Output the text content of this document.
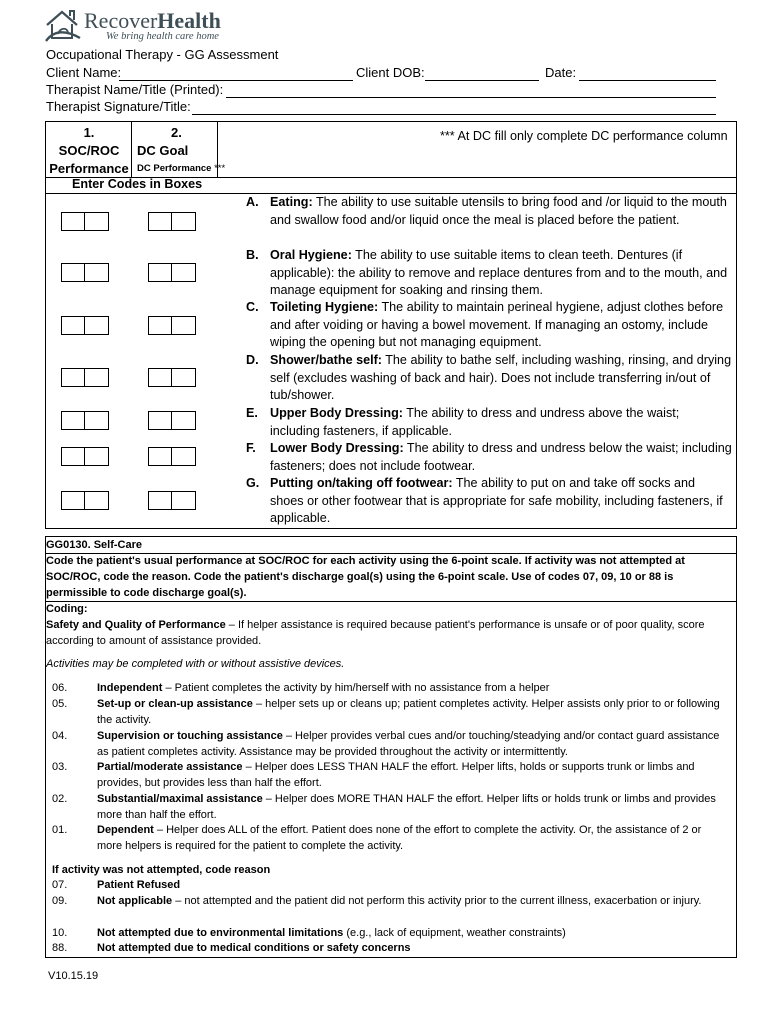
RecoverHealth
We bring health care home
Occupational Therapy - GG Assessment
Client Name:	Client DOB:	Date:
Therapist Name/Title (Printed):
Therapist Signature/Title:
1.
SOC/ROC
Performance
2.
DC Goal
DC Performance ***
*** At DC fill only complete DC performance column
Enter Codes in Boxes
A. Eating: The ability to use suitable utensils to bring food and /or liquid to the mouth and swallow food and/or liquid once the meal is placed before the patient.
B. Oral Hygiene: The ability to use suitable items to clean teeth. Dentures (if applicable): the ability to remove and replace dentures from and to the mouth, and manage equipment for soaking and rinsing them.
C. Toileting Hygiene: The ability to maintain perineal hygiene, adjust clothes before and after voiding or having a bowel movement. If managing an ostomy, include wiping the opening but not managing equipment.
D. Shower/bathe self: The ability to bathe self, including washing, rinsing, and drying self (excludes washing of back and hair). Does not include transferring in/out of tub/shower.
E. Upper Body Dressing: The ability to dress and undress above the waist; including fasteners, if applicable.
F. Lower Body Dressing: The ability to dress and undress below the waist; including fasteners; does not include footwear.
G. Putting on/taking off footwear: The ability to put on and take off socks and shoes or other footwear that is appropriate for safe mobility, including fasteners, if applicable.
GG0130. Self-Care
Code the patient's usual performance at SOC/ROC for each activity using the 6-point scale. If activity was not attempted at SOC/ROC, code the reason. Code the patient's discharge goal(s) using the 6-point scale. Use of codes 07, 09, 10 or 88 is permissible to code discharge goal(s).
Coding:
Safety and Quality of Performance – If helper assistance is required because patient's performance is unsafe or of poor quality, score according to amount of assistance provided.
Activities may be completed with or without assistive devices.
06.	Independent – Patient completes the activity by him/herself with no assistance from a helper
05.	Set-up or clean-up assistance – helper sets up or cleans up; patient completes activity. Helper assists only prior to or following the activity.
04.	Supervision or touching assistance – Helper provides verbal cues and/or touching/steadying and/or contact guard assistance as patient completes activity. Assistance may be provided throughout the activity or intermittently.
03.	Partial/moderate assistance – Helper does LESS THAN HALF the effort. Helper lifts, holds or supports trunk or limbs and provides, but provides less than half the effort.
02.	Substantial/maximal assistance – Helper does MORE THAN HALF the effort. Helper lifts or holds trunk or limbs and provides more than half the effort.
01.	Dependent – Helper does ALL of the effort. Patient does none of the effort to complete the activity. Or, the assistance of 2 or more helpers is required for the patient to complete the activity.
If activity was not attempted, code reason
07.	Patient Refused
09.	Not applicable – not attempted and the patient did not perform this activity prior to the current illness, exacerbation or injury.
10.	Not attempted due to environmental limitations (e.g., lack of equipment, weather constraints)
88.	Not attempted due to medical conditions or safety concerns
V10.15.19
